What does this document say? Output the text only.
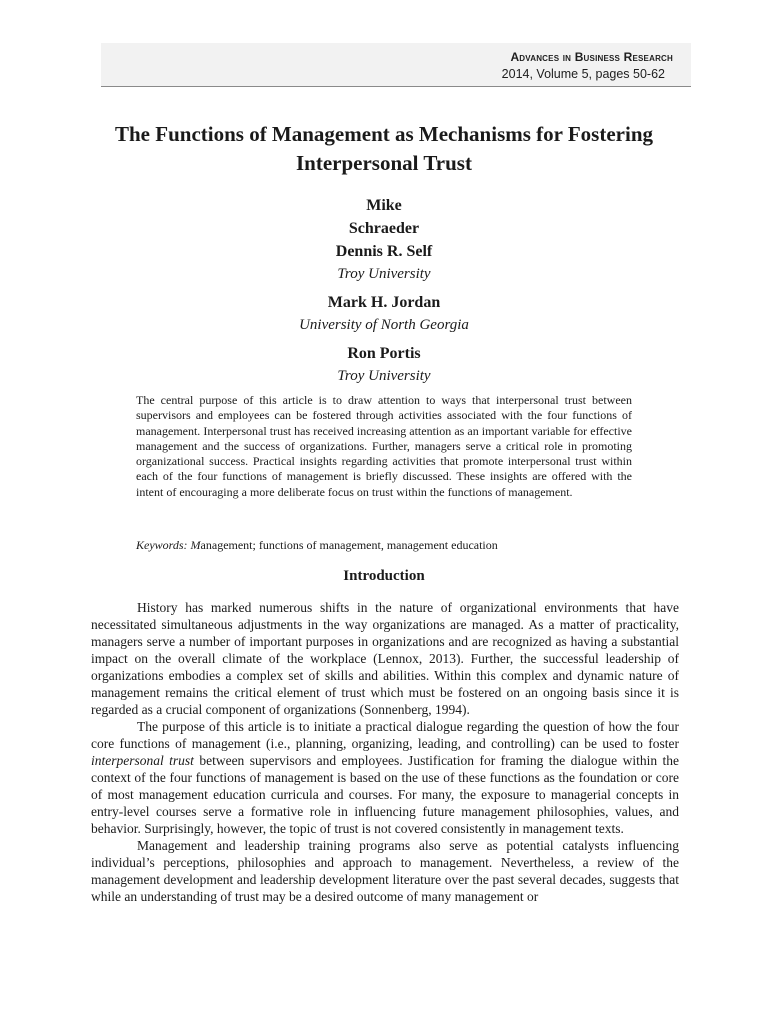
Advances in Business Research
2014, Volume 5, pages 50-62
The Functions of Management as Mechanisms for Fostering Interpersonal Trust

Mike

Schraeder

Dennis R. Self

Troy University

Mark H. Jordan

University of North Georgia

Ron Portis

Troy University

The central purpose of this article is to draw attention to ways that interpersonal trust between supervisors and employees can be fostered through activities associated with the four functions of management. Interpersonal trust has received increasing attention as an important variable for effective management and the success of organizations. Further, managers serve a critical role in promoting organizational success. Practical insights regarding activities that promote interpersonal trust within each of the four functions of management is briefly discussed. These insights are offered with the intent of encouraging a more deliberate focus on trust within the functions of management.

Keywords: Management; functions of management, management education

Introduction

History has marked numerous shifts in the nature of organizational environments that have necessitated simultaneous adjustments in the way organizations are managed. As a matter of practicality, managers serve a number of important purposes in organizations and are recognized as having a substantial impact on the overall climate of the workplace (Lennox, 2013). Further, the successful leadership of organizations embodies a complex set of skills and abilities. Within this complex and dynamic nature of management remains the critical element of trust which must be fostered on an ongoing basis since it is regarded as a crucial component of organizations (Sonnenberg, 1994).

The purpose of this article is to initiate a practical dialogue regarding the question of how the four core functions of management (i.e., planning, organizing, leading, and controlling) can be used to foster interpersonal trust between supervisors and employees. Justification for framing the dialogue within the context of the four functions of management is based on the use of these functions as the foundation or core of most management education curricula and courses. For many, the exposure to managerial concepts in entry-level courses serve a formative role in influencing future management philosophies, values, and behavior. Surprisingly, however, the topic of trust is not covered consistently in management texts.

Management and leadership training programs also serve as potential catalysts influencing individual’s perceptions, philosophies and approach to management. Nevertheless, a review of the management development and leadership development literature over the past several decades, suggests that while an understanding of trust may be a desired outcome of many management or
